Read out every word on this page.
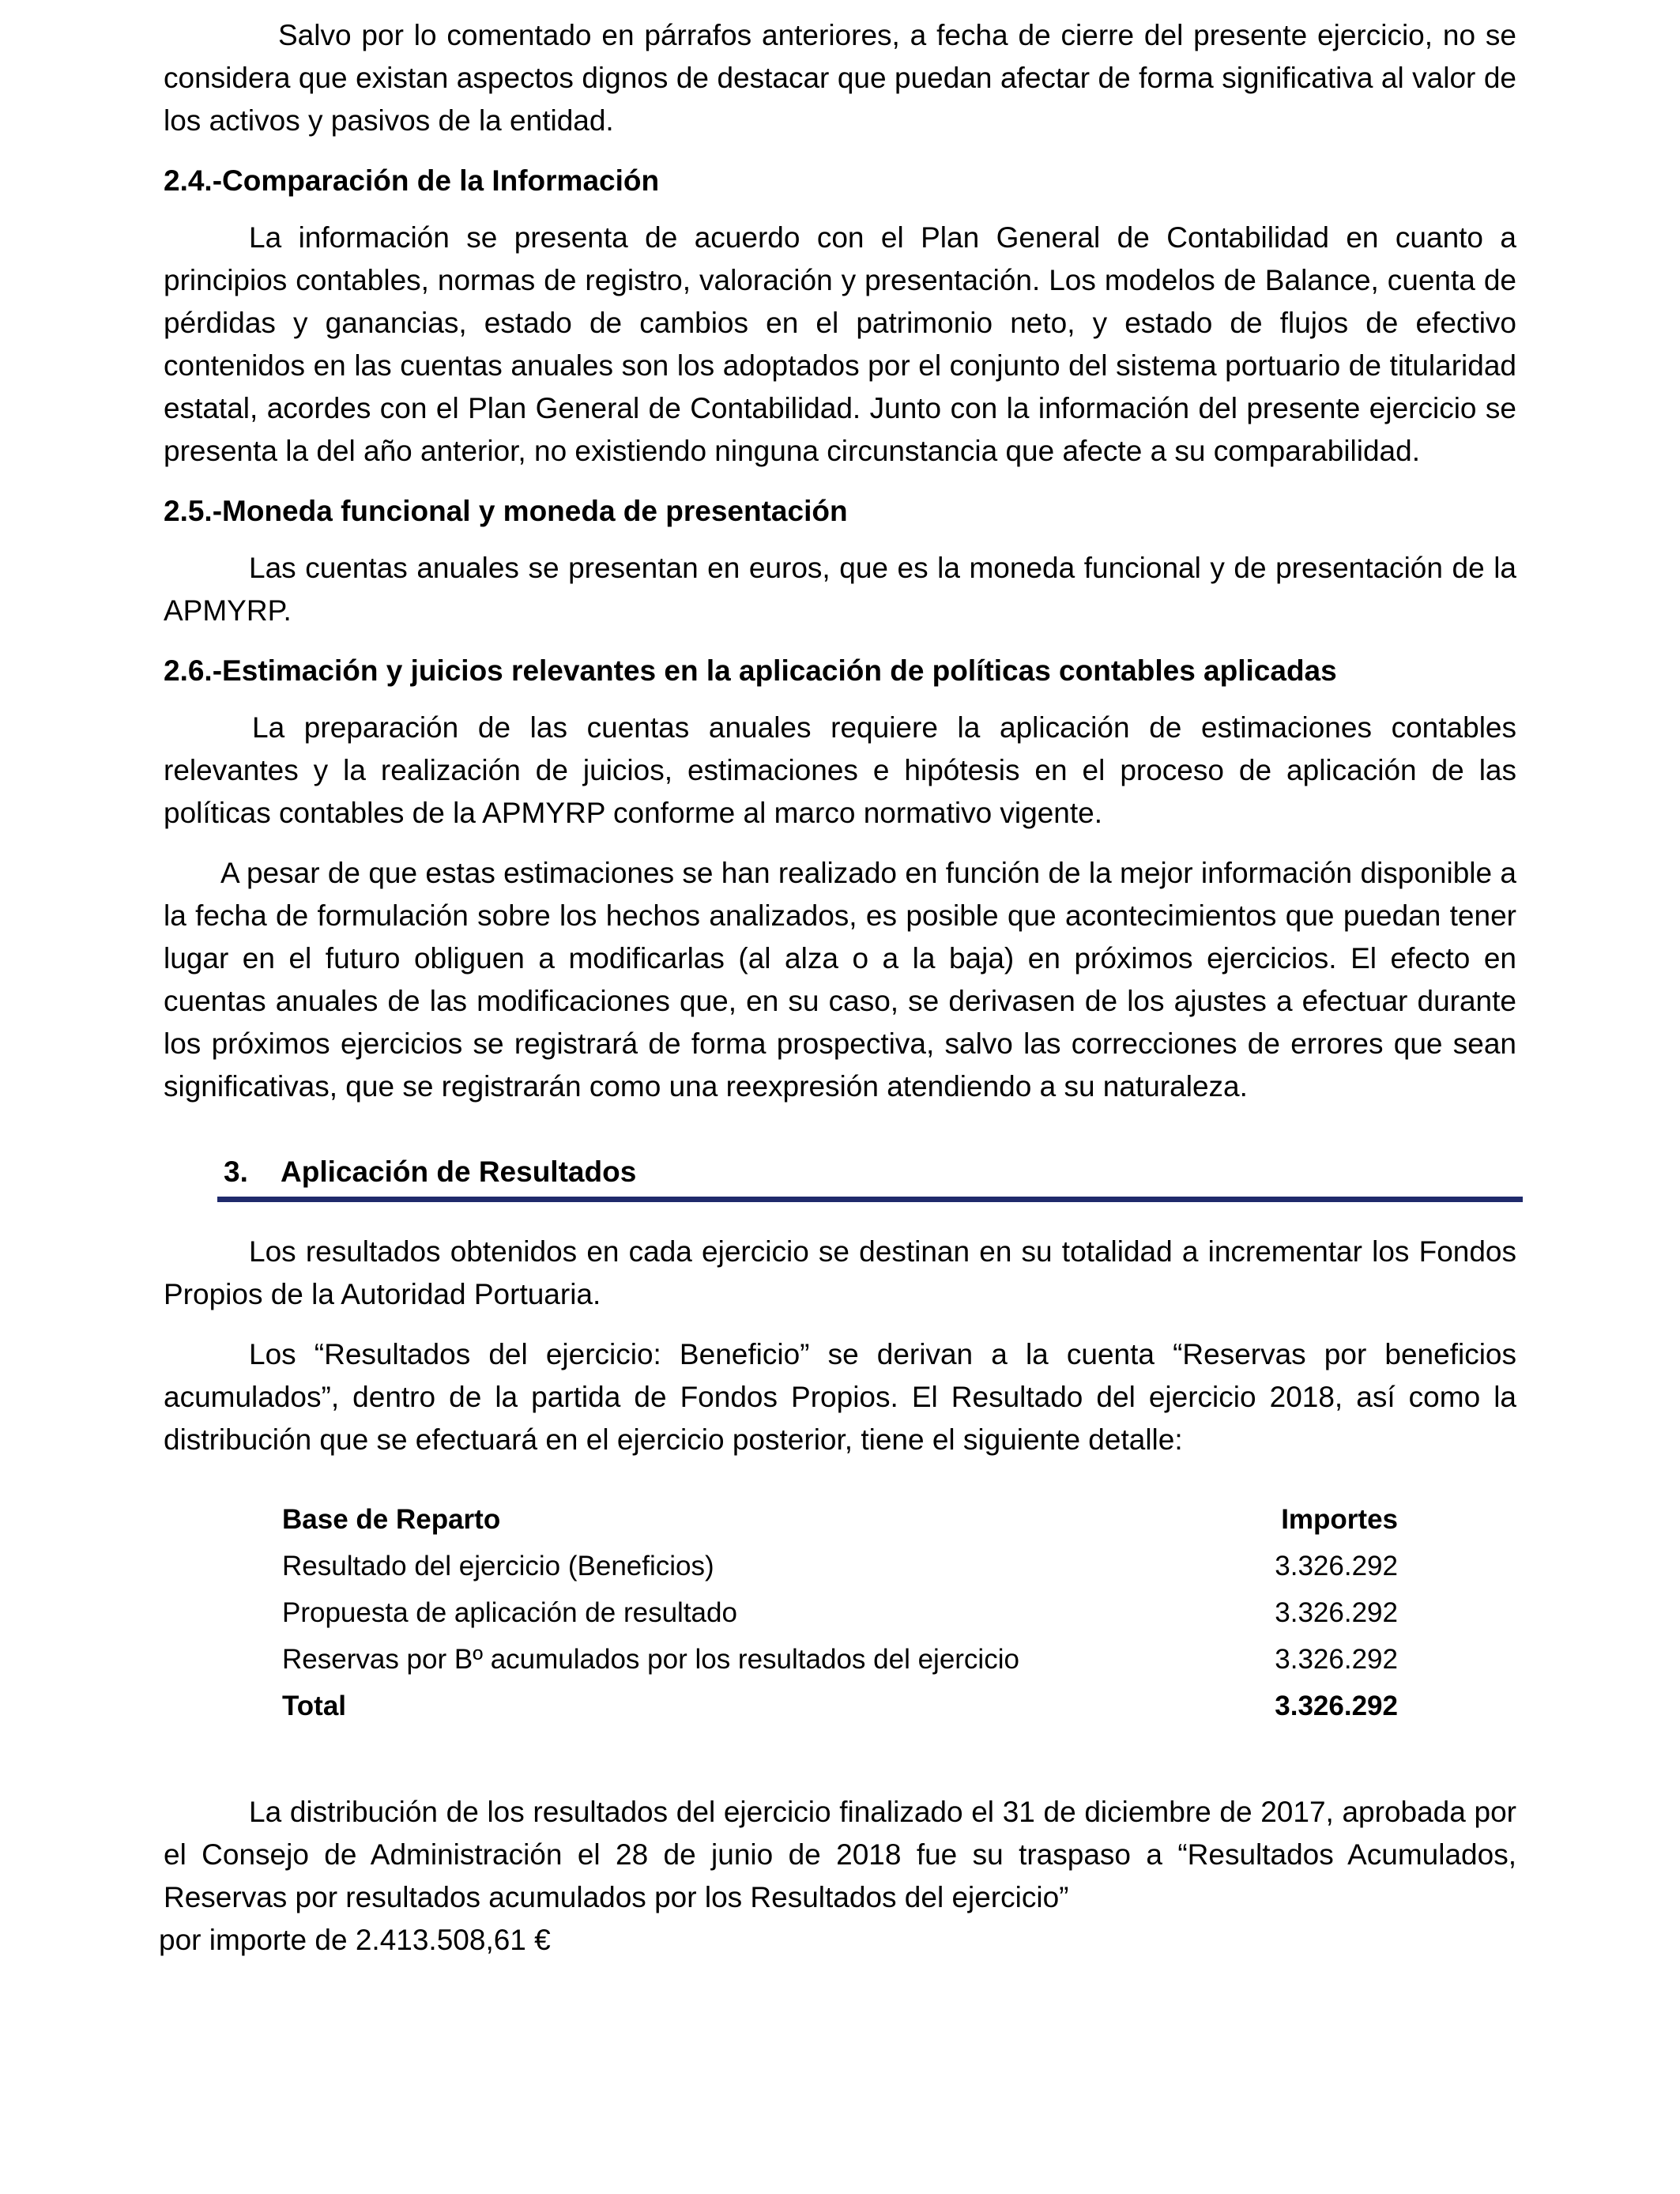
Salvo por lo comentado en párrafos anteriores, a fecha de cierre del presente ejercicio, no se considera que existan aspectos dignos de destacar que puedan afectar de forma significativa al valor de los activos y pasivos de la entidad.

2.4.-Comparación de la Información

La información se presenta de acuerdo con el Plan General de Contabilidad en cuanto a principios contables, normas de registro, valoración y presentación. Los modelos de Balance, cuenta de pérdidas y ganancias, estado de cambios en el patrimonio neto, y estado de flujos de efectivo contenidos en las cuentas anuales son los adoptados por el conjunto del sistema portuario de titularidad estatal, acordes con el Plan General de Contabilidad. Junto con la información del presente ejercicio se presenta la del año anterior, no existiendo ninguna circunstancia que afecte a su comparabilidad.

2.5.-Moneda funcional y moneda de presentación

Las cuentas anuales se presentan en euros, que es la moneda funcional y de presentación de la APMYRP.

2.6.-Estimación y juicios relevantes en la aplicación de políticas contables aplicadas

La preparación de las cuentas anuales requiere la aplicación de estimaciones contables relevantes y la realización de juicios, estimaciones e hipótesis en el proceso de aplicación de las políticas contables de la APMYRP conforme al marco normativo vigente.

A pesar de que estas estimaciones se han realizado en función de la mejor información disponible a la fecha de formulación sobre los hechos analizados, es posible que acontecimientos que puedan tener lugar en el futuro obliguen a modificarlas (al alza o a la baja) en próximos ejercicios. El efecto en cuentas anuales de las modificaciones que, en su caso, se derivasen de los ajustes a efectuar durante los próximos ejercicios se registrará de forma prospectiva, salvo las correcciones de errores que sean significativas, que se registrarán como una reexpresión atendiendo a su naturaleza.

3. Aplicación de Resultados

Los resultados obtenidos en cada ejercicio se destinan en su totalidad a incrementar los Fondos Propios de la Autoridad Portuaria.

Los “Resultados del ejercicio: Beneficio” se derivan a la cuenta “Reservas por beneficios acumulados”, dentro de la partida de Fondos Propios. El Resultado del ejercicio 2018, así como la distribución que se efectuará en el ejercicio posterior, tiene el siguiente detalle:

Base de Reparto	Importes
Resultado del ejercicio (Beneficios)	3.326.292
Propuesta de aplicación de resultado	3.326.292
Reservas por Bº acumulados por los resultados del ejercicio	3.326.292
Total	3.326.292

La distribución de los resultados del ejercicio finalizado el 31 de diciembre de 2017, aprobada por el Consejo de Administración el 28 de junio de 2018 fue su traspaso a “Resultados Acumulados, Reservas por resultados acumulados por los Resultados del ejercicio”

por importe de 2.413.508,61 €
